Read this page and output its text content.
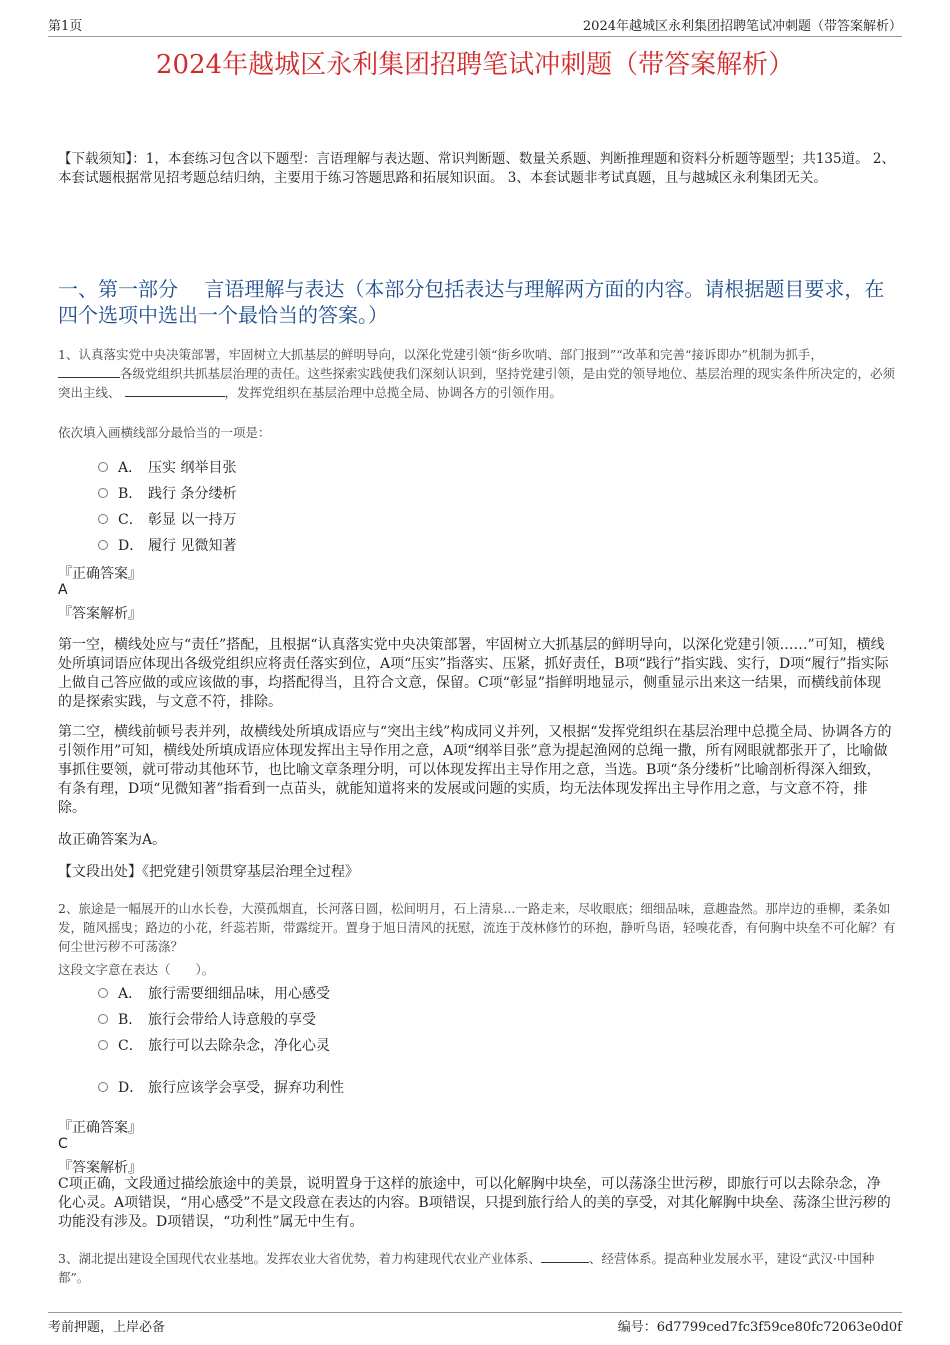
第1页	2024年越城区永利集团招聘笔试冲刺题（带答案解析）
2024年越城区永利集团招聘笔试冲刺题（带答案解析）
【下载须知】：1，本套练习包含以下题型：言语理解与表达题、常识判断题、数量关系题、判断推理题和资料分析题等题型；共135道。 2、本套试题根据常见招考题总结归纳，主要用于练习答题思路和拓展知识面。 3、本套试题非考试真题，且与越城区永利集团无关。
一、第一部分　 言语理解与表达（本部分包括表达与理解两方面的内容。请根据题目要求，在四个选项中选出一个最恰当的答案。）
1、认真落实党中央决策部署，牢固树立大抓基层的鲜明导向，以深化党建引领“街乡吹哨、部门报到”“改革和完善“接诉即办”机制为抓手，
各级党组织共抓基层治理的责任。这些探索实践使我们深刻认识到，坚持党建引领，是由党的领导地位、基层治理的现实条件所决定的，必须突出主线、	，发挥党组织在基层治理中总揽全局、协调各方的引领作用。
依次填入画横线部分最恰当的一项是：
A． 压实 纲举目张
B． 践行 条分缕析
C． 彰显 以一持万
D． 履行 见微知著
『正确答案』
A
『答案解析』
第一空，横线处应与“责任”搭配，且根据“认真落实党中央决策部署，牢固树立大抓基层的鲜明导向，以深化党建引领……”可知，横线处所填词语应体现出各级党组织应将责任落实到位，A项“压实”指落实、压紧，抓好责任，B项“践行”指实践、实行，D项“履行”指实际上做自己答应做的或应该做的事，均搭配得当，且符合文意，保留。C项“彰显”指鲜明地显示，侧重显示出来这一结果，而横线前体现的是探索实践，与文意不符，排除。
第二空，横线前顿号表并列，故横线处所填成语应与“突出主线”构成同义并列，又根据“发挥党组织在基层治理中总揽全局、协调各方的引领作用”可知，横线处所填成语应体现发挥出主导作用之意，A项“纲举目张”意为提起渔网的总绳一撒，所有网眼就都张开了，比喻做事抓住要领，就可带动其他环节，也比喻文章条理分明，可以体现发挥出主导作用之意，当选。B项“条分缕析”比喻剖析得深入细致，有条有理，D项“见微知著”指看到一点苗头，就能知道将来的发展或问题的实质，均无法体现发挥出主导作用之意，与文意不符，排除。
故正确答案为A。
【文段出处】《把党建引领贯穿基层治理全过程》
2、旅途是一幅展开的山水长卷，大漠孤烟直，长河落日圆，松间明月，石上清泉...一路走来，尽收眼底；细细品味，意趣盎然。那岸边的垂柳，柔条如发，随风摇曳；路边的小花，纤蕊若斯，带露绽开。置身于旭日清风的抚慰，流连于茂林修竹的环抱，静听鸟语，轻嗅花香，有何胸中块垒不可化解？有何尘世污秽不可荡涤？
这段文字意在表达（　　）。
A． 旅行需要细细品味，用心感受
B． 旅行会带给人诗意般的享受
C． 旅行可以去除杂念，净化心灵
D． 旅行应该学会享受，摒弃功利性
『正确答案』
C
『答案解析』
C项正确，文段通过描绘旅途中的美景，说明置身于这样的旅途中，可以化解胸中块垒，可以荡涤尘世污秽，即旅行可以去除杂念，净化心灵。A项错误，“用心感受”不是文段意在表达的内容。B项错误，只提到旅行给人的美的享受，对其化解胸中块垒、荡涤尘世污秽的功能没有涉及。D项错误，“功利性”属无中生有。
3、湖北提出建设全国现代农业基地。发挥农业大省优势，着力构建现代农业产业体系、	、经营体系。提高种业发展水平，建设“武汉·中国种都”。
考前押题，上岸必备	编号：6d7799ced7fc3f59ce80fc72063e0d0f
